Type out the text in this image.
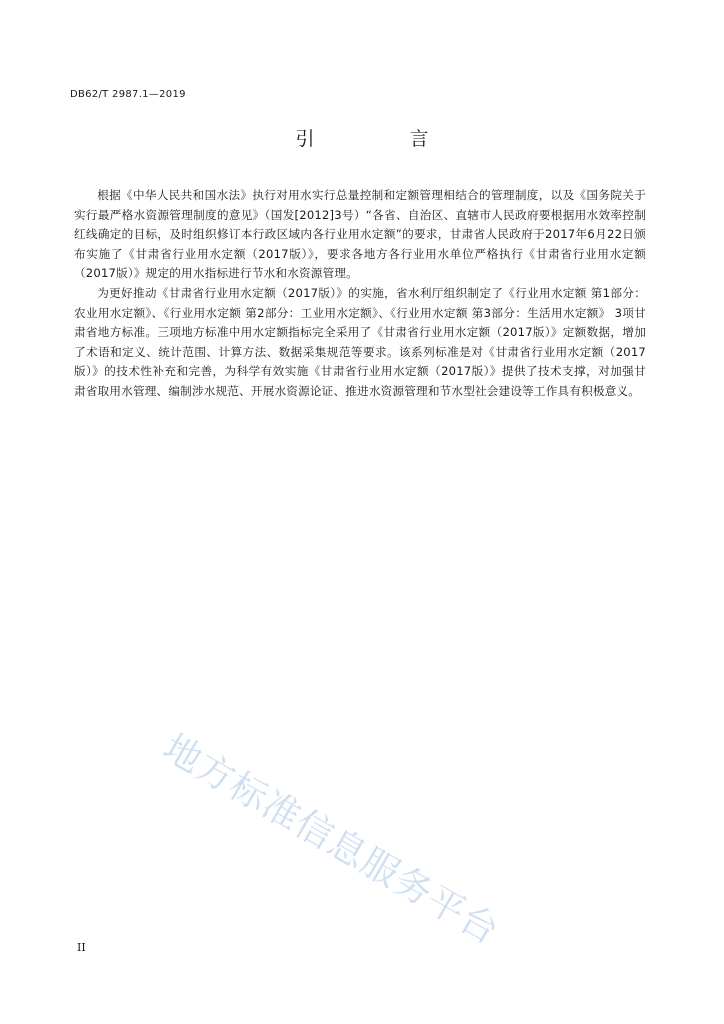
DB62/T 2987.1—2019
引　言

根据《中华人民共和国水法》执行对用水实行总量控制和定额管理相结合的管理制度，以及《国务院关于实行最严格水资源管理制度的意见》（国发[2012]3号）“各省、自治区、直辖市人民政府要根据用水效率控制红线确定的目标，及时组织修订本行政区域内各行业用水定额”的要求，甘肃省人民政府于2017年6月22日颁布实施了《甘肃省行业用水定额（2017版）》，要求各地方各行业用水单位严格执行《甘肃省行业用水定额（2017版）》规定的用水指标进行节水和水资源管理。

为更好推动《甘肃省行业用水定额（2017版）》的实施，省水利厅组织制定了《行业用水定额 第1部分：农业用水定额》、《行业用水定额 第2部分：工业用水定额》、《行业用水定额 第3部分：生活用水定额》 3项甘肃省地方标准。三项地方标准中用水定额指标完全采用了《甘肃省行业用水定额（2017版）》定额数据，增加了术语和定义、统计范围、计算方法、数据采集规范等要求。该系列标准是对《甘肃省行业用水定额（2017版）》的技术性补充和完善，为科学有效实施《甘肃省行业用水定额（2017版）》提供了技术支撑，对加强甘肃省取用水管理、编制涉水规范、开展水资源论证、推进水资源管理和节水型社会建设等工作具有积极意义。

地方标准信息服务平台
II
